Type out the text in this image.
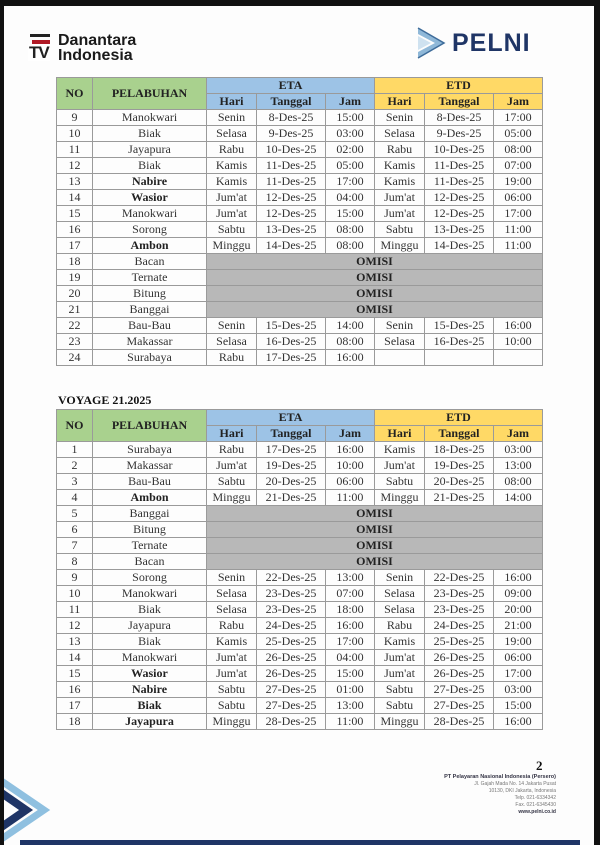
TV
Danantara
Indonesia	PELNI
NO	PELABUHAN	ETA			ETD		
		Hari	Tanggal	Jam	Hari	Tanggal	Jam
9	Manokwari	Senin	8-Des-25	15:00	Senin	8-Des-25	17:00
10	Biak	Selasa	9-Des-25	03:00	Selasa	9-Des-25	05:00
11	Jayapura	Rabu	10-Des-25	02:00	Rabu	10-Des-25	08:00
12	Biak	Kamis	11-Des-25	05:00	Kamis	11-Des-25	07:00
13	Nabire	Kamis	11-Des-25	17:00	Kamis	11-Des-25	19:00
14	Wasior	Jum'at	12-Des-25	04:00	Jum'at	12-Des-25	06:00
15	Manokwari	Jum'at	12-Des-25	15:00	Jum'at	12-Des-25	17:00
16	Sorong	Sabtu	13-Des-25	08:00	Sabtu	13-Des-25	11:00
17	Ambon	Minggu	14-Des-25	08:00	Minggu	14-Des-25	11:00
18	Bacan	OMISI					
19	Ternate	OMISI					
20	Bitung	OMISI					
21	Banggai	OMISI					
22	Bau-Bau	Senin	15-Des-25	14:00	Senin	15-Des-25	16:00
23	Makassar	Selasa	16-Des-25	08:00	Selasa	16-Des-25	10:00
24	Surabaya	Rabu	17-Des-25	16:00			
VOYAGE 21.2025
NO	PELABUHAN	ETA			ETD		
		Hari	Tanggal	Jam	Hari	Tanggal	Jam
1	Surabaya	Rabu	17-Des-25	16:00	Kamis	18-Des-25	03:00
2	Makassar	Jum'at	19-Des-25	10:00	Jum'at	19-Des-25	13:00
3	Bau-Bau	Sabtu	20-Des-25	06:00	Sabtu	20-Des-25	08:00
4	Ambon	Minggu	21-Des-25	11:00	Minggu	21-Des-25	14:00
5	Banggai	OMISI					
6	Bitung	OMISI					
7	Ternate	OMISI					
8	Bacan	OMISI					
9	Sorong	Senin	22-Des-25	13:00	Senin	22-Des-25	16:00
10	Manokwari	Selasa	23-Des-25	07:00	Selasa	23-Des-25	09:00
11	Biak	Selasa	23-Des-25	18:00	Selasa	23-Des-25	20:00
12	Jayapura	Rabu	24-Des-25	16:00	Rabu	24-Des-25	21:00
13	Biak	Kamis	25-Des-25	17:00	Kamis	25-Des-25	19:00
14	Manokwari	Jum'at	26-Des-25	04:00	Jum'at	26-Des-25	06:00
15	Wasior	Jum'at	26-Des-25	15:00	Jum'at	26-Des-25	17:00
16	Nabire	Sabtu	27-Des-25	01:00	Sabtu	27-Des-25	03:00
17	Biak	Sabtu	27-Des-25	13:00	Sabtu	27-Des-25	15:00
18	Jayapura	Minggu	28-Des-25	11:00	Minggu	28-Des-25	16:00
2
PT Pelayaran Nasional Indonesia (Persero)
Jl. Gajah Mada No. 14 Jakarta Pusat
10130, DKI Jakarta, Indonesia
Telp. 021-6334342
Fax. 021-6345430
www.pelni.co.id
